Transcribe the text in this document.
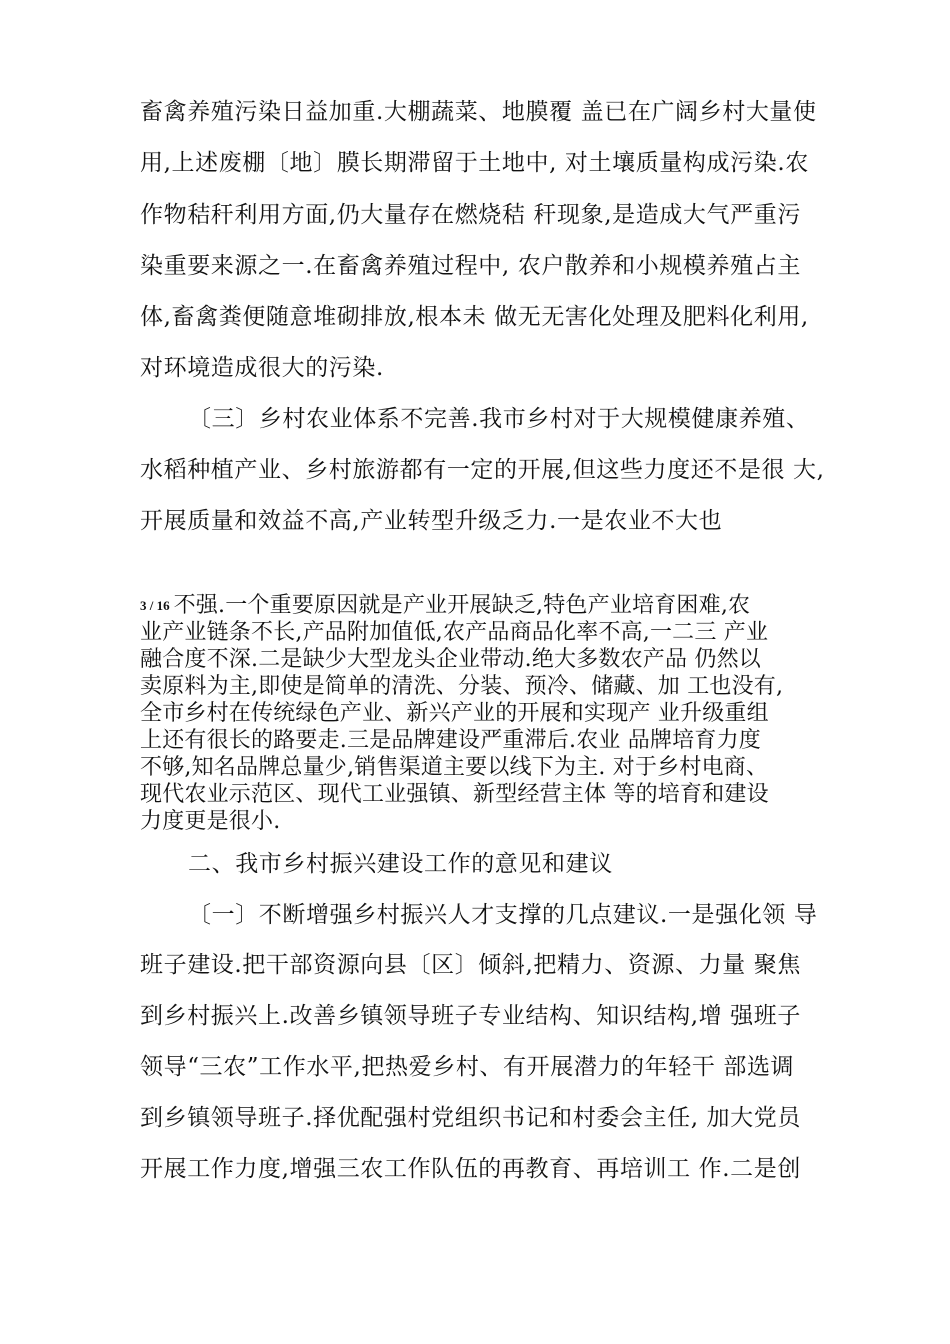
畜禽养殖污染日益加重.大棚蔬菜、地膜覆 盖已在广阔乡村大量使
用,上述废棚〔地〕膜长期滞留于土地中, 对土壤质量构成污染.农
作物秸秆利用方面,仍大量存在燃烧秸 秆现象,是造成大气严重污
染重要来源之一.在畜禽养殖过程中, 农户散养和小规模养殖占主
体,畜禽粪便随意堆砌排放,根本未 做无无害化处理及肥料化利用,
对环境造成很大的污染.
〔三〕乡村农业体系不完善.我市乡村对于大规模健康养殖、
水稻种植产业、乡村旅游都有一定的开展,但这些力度还不是很 大,
开展质量和效益不高,产业转型升级乏力.一是农业不大也
3 / 16 不强.一个重要原因就是产业开展缺乏,特色产业培育困难,农
业产业链条不长,产品附加值低,农产品商品化率不高,一二三 产业
融合度不深.二是缺少大型龙头企业带动.绝大多数农产品 仍然以
卖原料为主,即使是简单的清洗、分装、预冷、储藏、加 工也没有,
全市乡村在传统绿色产业、新兴产业的开展和实现产 业升级重组
上还有很长的路要走.三是品牌建设严重滞后.农业 品牌培育力度
不够,知名品牌总量少,销售渠道主要以线下为主. 对于乡村电商、
现代农业示范区、现代工业强镇、新型经营主体 等的培育和建设
力度更是很小.
二、我市乡村振兴建设工作的意见和建议
〔一〕不断增强乡村振兴人才支撑的几点建议.一是强化领 导
班子建设.把干部资源向县〔区〕倾斜,把精力、资源、力量 聚焦
到乡村振兴上.改善乡镇领导班子专业结构、知识结构,增 强班子
领导“三农”工作水平,把热爱乡村、有开展潜力的年轻干 部选调
到乡镇领导班子.择优配强村党组织书记和村委会主任, 加大党员
开展工作力度,增强三农工作队伍的再教育、再培训工 作.二是创
